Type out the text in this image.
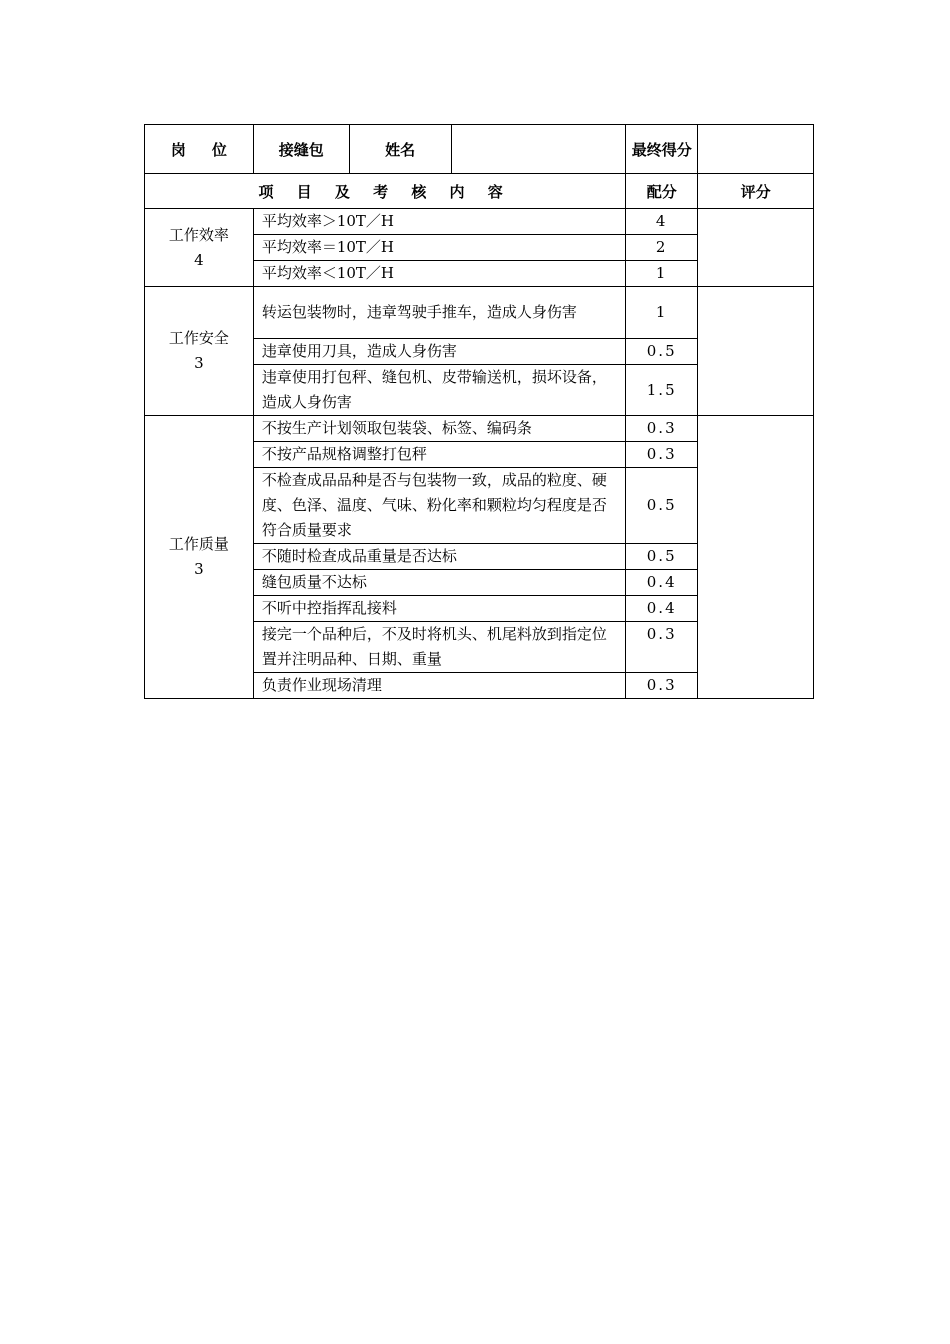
岗 位	接缝包	姓名		最终得分	
项 目 及 考 核 内 容				配分	评分

工作效率
4	平均效率＞10T／H			4	
	平均效率＝10T／H			2	
	平均效率＜10T／H			1	

工作安全
3	转运包装物时，违章驾驶手推车，造成人身伤害			1	
	违章使用刀具，造成人身伤害			0.5	
	违章使用打包秤、缝包机、皮带输送机，损坏设备，造成人身伤害			1.5	

工作质量
3	不按生产计划领取包装袋、标签、编码条			0.3	
	不按产品规格调整打包秤			0.3	
	不检查成品品种是否与包装物一致，成品的粒度、硬度、色泽、温度、气味、粉化率和颗粒均匀程度是否符合质量要求			0.5	
	不随时检查成品重量是否达标			0.5	
	缝包质量不达标			0.4	
	不听中控指挥乱接料			0.4	
	接完一个品种后，不及时将机头、机尾料放到指定位置并注明品种、日期、重量			0.3	
	负责作业现场清理			0.3	
